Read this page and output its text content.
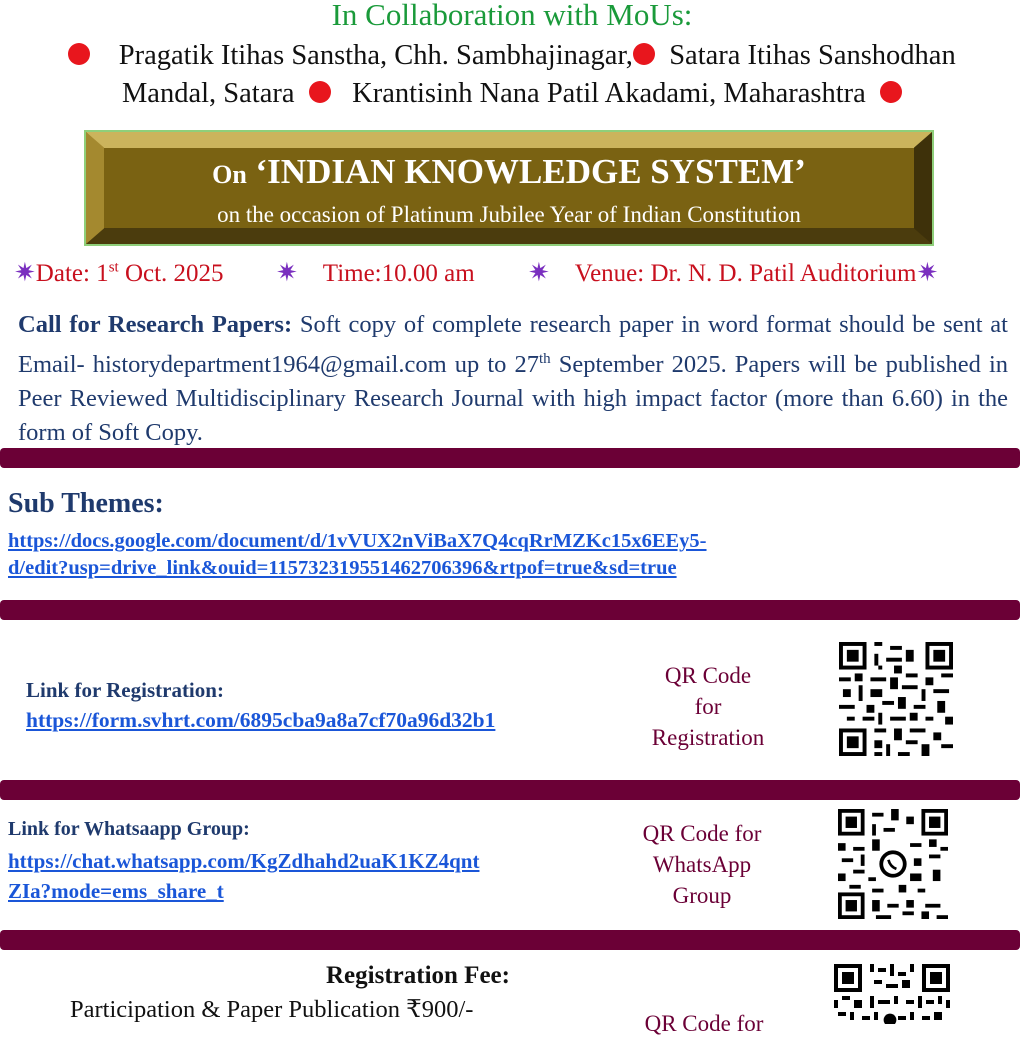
In Collaboration with MoUs:
Pragatik Itihas Sanstha, Chh. Sambhajinagar, Satara Itihas Sanshodhan
Mandal, Satara Krantisinh Nana Patil Akadami, Maharashtra
On ‘INDIAN KNOWLEDGE SYSTEM’
on the occasion of Platinum Jubilee Year of Indian Constitution
✷Date: 1st Oct. 2025 ✷ Time:10.00 am ✷ Venue: Dr. N. D. Patil Auditorium✷
Call for Research Papers: Soft copy of complete research paper in word format should be sent at Email- historydepartment1964@gmail.com up to 27th September 2025. Papers will be published in Peer Reviewed Multidisciplinary Research Journal with high impact factor (more than 6.60) in the form of Soft Copy.
Sub Themes:
https://docs.google.com/document/d/1vVUX2nViBaX7Q4cqRrMZKc15x6EEy5-
d/edit?usp=drive_link&ouid=115732319551462706396&rtpof=true&sd=true
Link for Registration:
https://form.svhrt.com/6895cba9a8a7cf70a96d32b1
QR Code
for
Registration
Link for Whatsaapp Group:
https://chat.whatsapp.com/KgZdhahd2uaK1KZ4qnt
ZIa?mode=ems_share_t
QR Code for
WhatsApp
Group
Registration Fee:
Participation & Paper Publication ₹900/-
QR Code for
